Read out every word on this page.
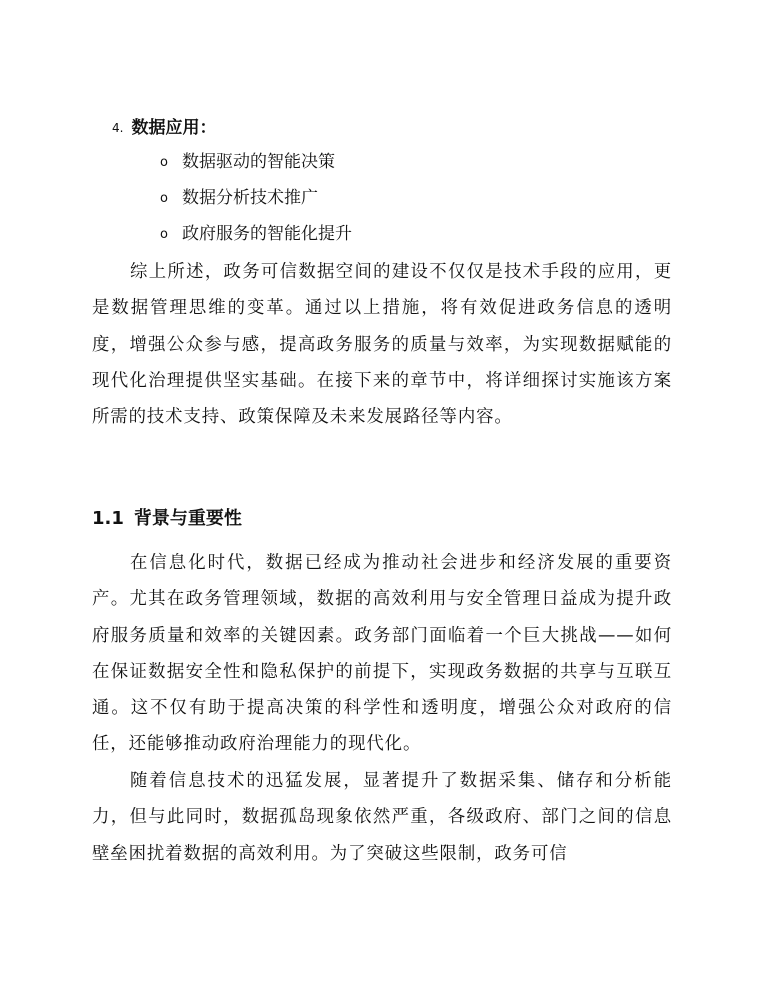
4. 数据应用：
o 数据驱动的智能决策
o 数据分析技术推广
o 政府服务的智能化提升

综上所述，政务可信数据空间的建设不仅仅是技术手段的应用，更是数据管理思维的变革。通过以上措施，将有效促进政务信息的透明度，增强公众参与感，提高政务服务的质量与效率，为实现数据赋能的现代化治理提供坚实基础。在接下来的章节中，将详细探讨实施该方案所需的技术支持、政策保障及未来发展路径等内容。

1.1 背景与重要性

在信息化时代，数据已经成为推动社会进步和经济发展的重要资产。尤其在政务管理领域，数据的高效利用与安全管理日益成为提升政府服务质量和效率的关键因素。政务部门面临着一个巨大挑战——如何在保证数据安全性和隐私保护的前提下，实现政务数据的共享与互联互通。这不仅有助于提高决策的科学性和透明度，增强公众对政府的信任，还能够推动政府治理能力的现代化。

随着信息技术的迅猛发展，显著提升了数据采集、储存和分析能力，但与此同时，数据孤岛现象依然严重，各级政府、部门之间的信息壁垒困扰着数据的高效利用。为了突破这些限制，政务可信
